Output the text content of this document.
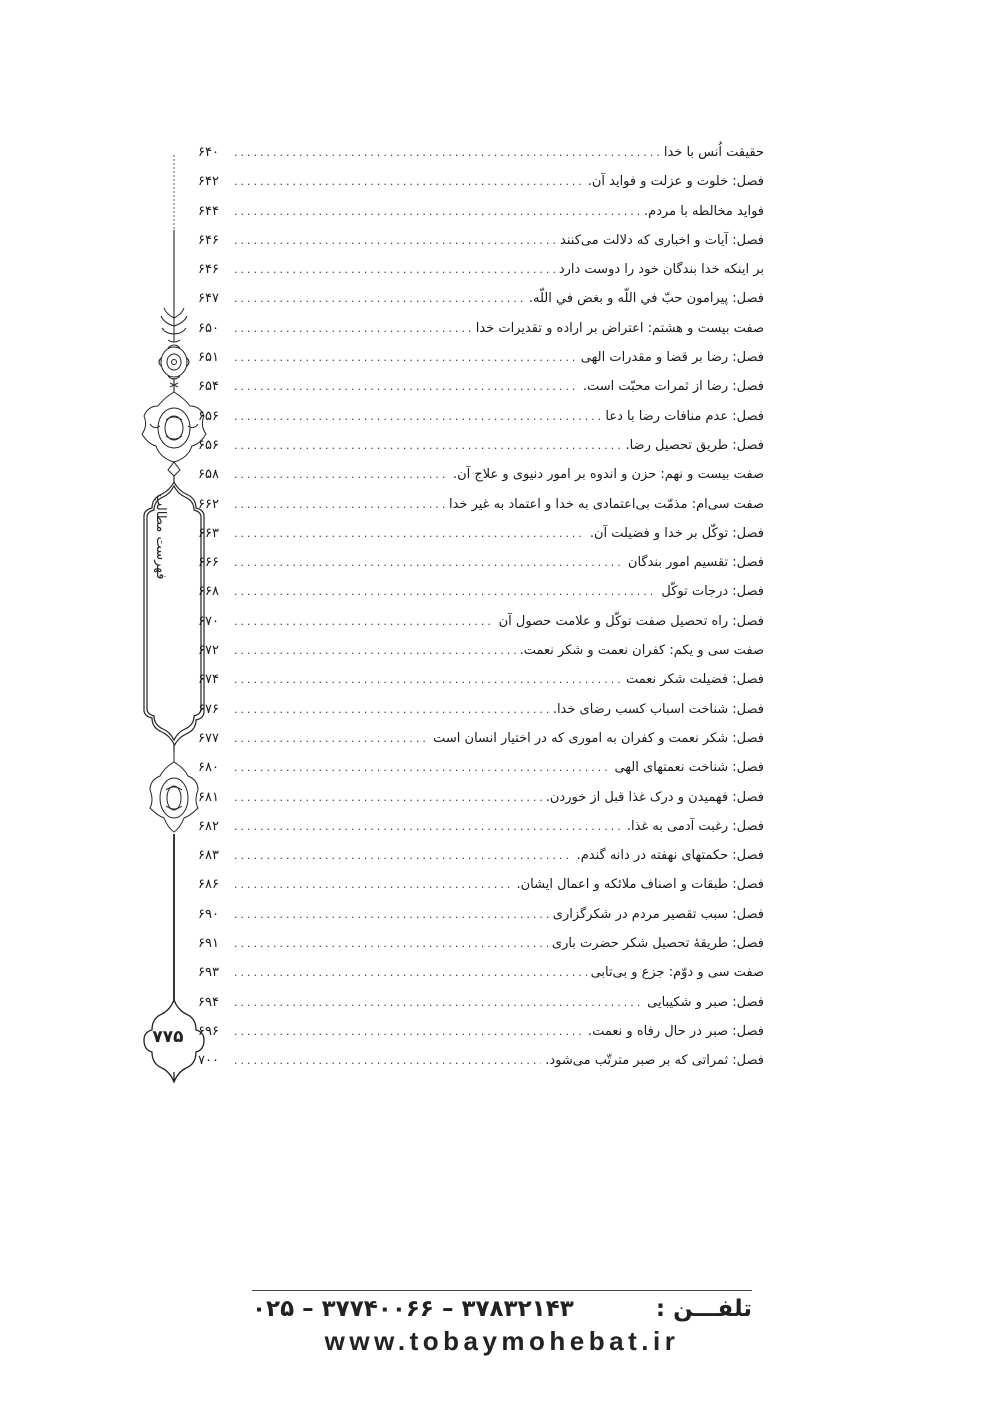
فهرست مطالب
۷۷۵
حقیقت اُنس با خدا
.....
۶۴۰
فصل: خلوت و عزلت و فواید آن.
.....
۶۴۲
فواید مخالطه با مردم.
.....
۶۴۴
فصل: آیات و اخباری که دلالت می‌کنند
.....
۶۴۶
بر اینکه خدا بندگان خود را دوست دارد
.....
۶۴۶
فصل: پیرامون حبّ في اللّه و بغض في اللّه.
.....
۶۴۷
صفت بیست و هشتم: اعتراض بر اراده و تقدیرات خدا
.....
۶۵۰
فصل: رضا بر قضا و مقدرات الهی
.....
۶۵۱
فصل: رضا از ثمرات محبّت است.
.....
۶۵۴
فصل: عدم منافات رضا با دعا
.....
۶۵۶
فصل: طریق تحصیل رضا.
.....
۶۵۶
صفت بیست و نهم: حزن و اندوه بر امور دنیوی و علاج آن.
.....
۶۵۸
صفت سی‌ام: مذمّت بی‌اعتمادی به خدا و اعتماد به غیر خدا
.....
۶۶۲
فصل: توکّل بر خدا و فضیلت آن.
.....
۶۶۳
فصل: تقسیم امور بندگان
.....
۶۶۶
فصل: درجات توکّل
.....
۶۶۸
فصل: راه تحصیل صفت توکّل و علامت حصول آن
.....
۶۷۰
صفت سی و یکم: کفران نعمت و شکر نعمت.
.....
۶۷۲
فصل: فضیلت شکر نعمت
.....
۶۷۴
فصل: شناخت اسباب کسب رضای خدا.
.....
۶۷۶
فصل: شکر نعمت و کفران به اموری که در اختیار انسان است
.....
۶۷۷
فصل: شناخت نعمتهای الهی
.....
۶۸۰
فصل: فهمیدن و درک غذا قبل از خوردن.
.....
۶۸۱
فصل: رغبت آدمی به غذا.
.....
۶۸۲
فصل: حکمتهای نهفته در دانه گندم.
.....
۶۸۳
فصل: طبقات و اصناف ملائکه و اعمال ایشان.
.....
۶۸۶
فصل: سبب تقصیر مردم در شکرگزاری
.....
۶۹۰
فصل: طریقهٔ تحصیل شکر حضرت باری
.....
۶۹۱
صفت سی و دوّم: جزع و بی‌تابی
.....
۶۹۳
فصل: صبر و شکیبایی
.....
۶۹۴
فصل: صبر در حال رفاه و نعمت.
.....
۶۹۶
فصل: ثمراتی که بر صبر مترتّب می‌شود.
.....
۷۰۰
تلفـــن :
۰۲۵ – ۳۷۷۴۰۰۶۶ – ۳۷۸۳۲۱۴۳
www.tobaymohebat.ir
